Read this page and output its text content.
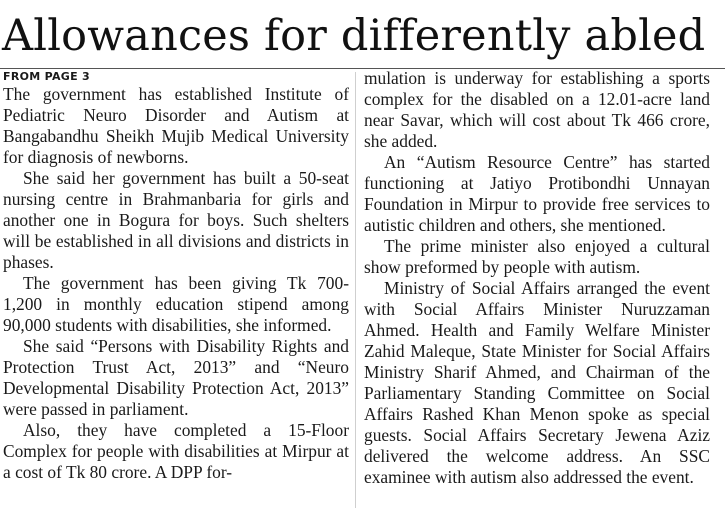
Allowances for differently abled
FROM PAGE 3

The government has established Institute of Pediatric Neuro Disorder and Autism at Bangabandhu Sheikh Mujib Medical University for diagnosis of newborns.

She said her government has built a 50-seat nursing centre in Brahmanbaria for girls and another one in Bogura for boys. Such shelters will be established in all divisions and districts in phases.

The government has been giving Tk 700-1,200 in monthly education stipend among 90,000 students with disabilities, she informed.

She said “Persons with Disability Rights and Protection Trust Act, 2013” and “Neuro Developmental Disability Protection Act, 2013” were passed in parliament.

Also, they have completed a 15-Floor Complex for people with disabilities at Mirpur at a cost of Tk 80 crore. A DPP for-

mulation is underway for establishing a sports complex for the disabled on a 12.01-acre land near Savar, which will cost about Tk 466 crore, she added.

An “Autism Resource Centre” has started functioning at Jatiyo Protibondhi Unnayan Foundation in Mirpur to provide free services to autistic children and others, she mentioned.

The prime minister also enjoyed a cultural show preformed by people with autism.

Ministry of Social Affairs arranged the event with Social Affairs Minister Nuruzzaman Ahmed. Health and Family Welfare Minister Zahid Maleque, State Minister for Social Affairs Ministry Sharif Ahmed, and Chairman of the Parliamentary Standing Committee on Social Affairs Rashed Khan Menon spoke as special guests. Social Affairs Secretary Jewena Aziz delivered the welcome address. An SSC examinee with autism also addressed the event.
